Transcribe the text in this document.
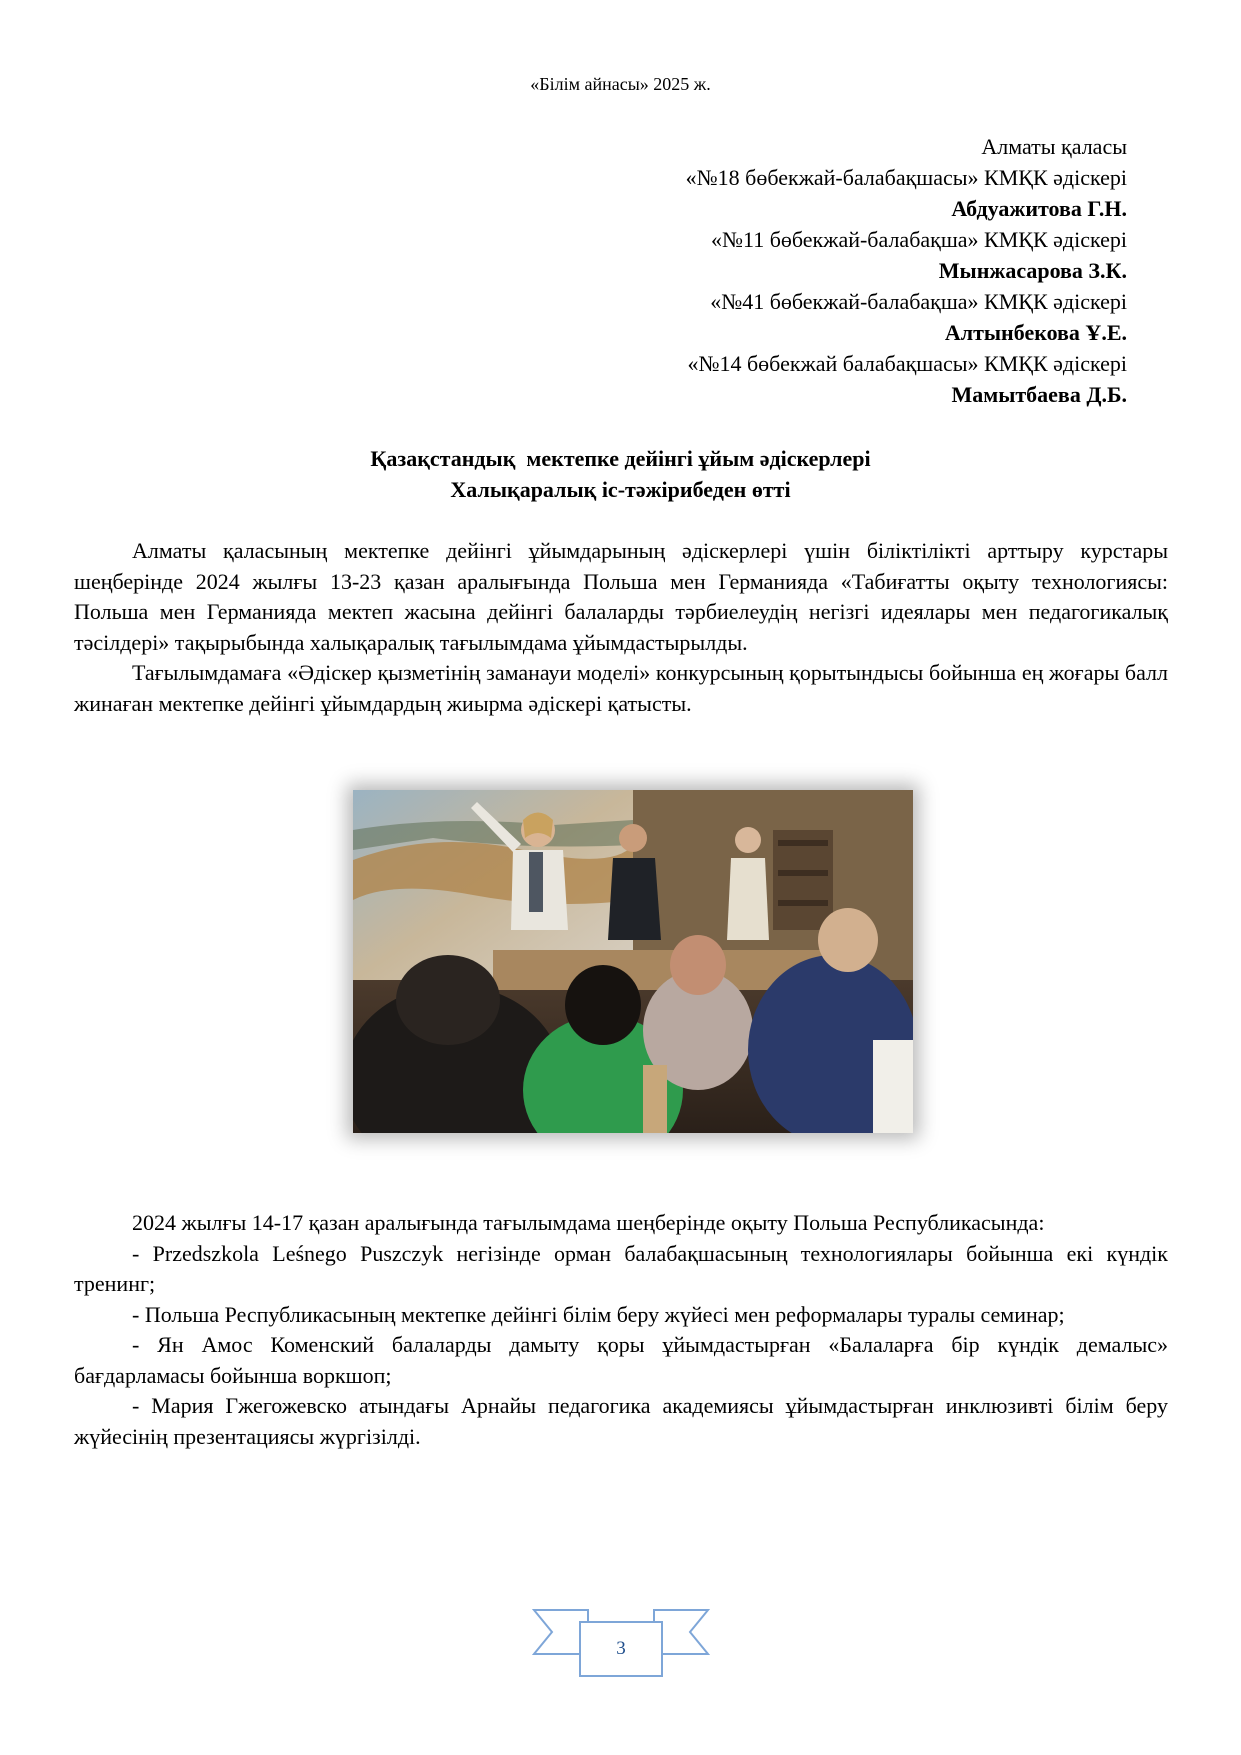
«Білім айнасы» 2025 ж.
Алматы қаласы
«№18 бөбекжай-балабақшасы» КМҚК әдіскері
Абдуажитова Г.Н.
«№11 бөбекжай-балабақша» КМҚК әдіскері
Мынжасарова З.К.
«№41 бөбекжай-балабақша» КМҚК әдіскері
Алтынбекова Ұ.Е.
«№14 бөбекжай балабақшасы» КМҚК әдіскері
Мамытбаева Д.Б.
Қазақстандық  мектепке дейінгі ұйым әдіскерлері
Халықаралық іс-тәжірибеден өтті

Алматы қаласының мектепке дейінгі ұйымдарының әдіскерлері үшін біліктілікті арттыру курстары шеңберінде 2024 жылғы 13-23 қазан аралығында Польша мен Германияда «Табиғатты оқыту технологиясы: Польша мен Германияда мектеп жасына дейінгі балаларды тәрбиелеудің негізгі идеялары мен педагогикалық тәсілдері» тақырыбында халықаралық тағылымдама ұйымдастырылды.

Тағылымдамаға «Әдіскер қызметінің заманауи моделі» конкурсының қорытындысы бойынша ең жоғары балл жинаған мектепке дейінгі ұйымдардың жиырма әдіскері қатысты.

2024 жылғы 14-17 қазан аралығында тағылымдама шеңберінде оқыту Польша Республикасында:

- Przedszkola Leśnego Puszczyk негізінде орман балабақшасының технологиялары бойынша екі күндік тренинг;

- Польша Республикасының мектепке дейінгі білім беру жүйесі мен реформалары туралы семинар;

- Ян Амос Коменский балаларды дамыту қоры ұйымдастырған «Балаларға бір күндік демалыс» бағдарламасы бойынша воркшоп;

- Мария Гжегожевско атындағы Арнайы педагогика академиясы ұйымдастырған инклюзивті білім беру жүйесінің презентациясы жүргізілді.

3
